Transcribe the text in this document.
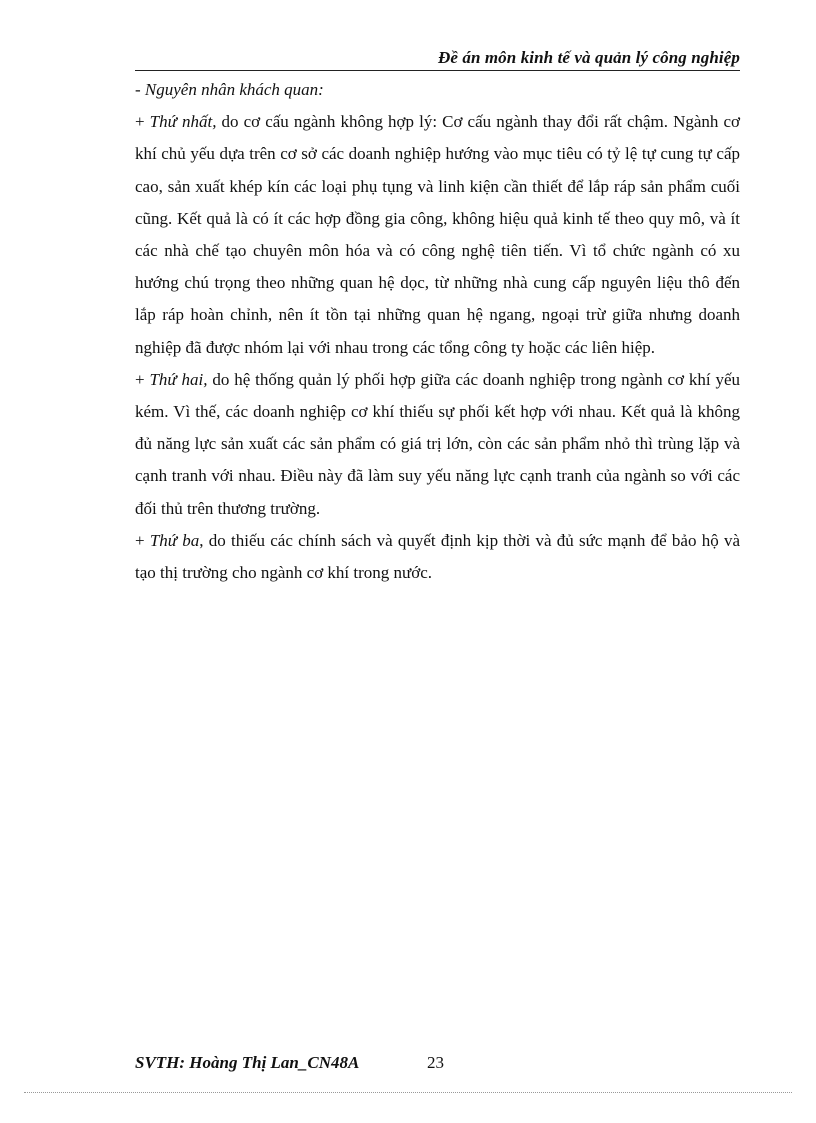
Đề án môn kinh tế và quản lý công nghiệp

- Nguyên nhân khách quan:

+ Thứ nhất, do cơ cấu ngành không hợp lý: Cơ cấu ngành thay đổi rất chậm. Ngành cơ khí chủ yếu dựa trên cơ sở các doanh nghiệp hướng vào mục tiêu có tỷ lệ tự cung tự cấp cao, sản xuất khép kín các loại phụ tụng và linh kiện cần thiết để lắp ráp sản phẩm cuối cũng. Kết quả là có ít các hợp đồng gia công, không hiệu quả kinh tế theo quy mô, và ít các nhà chế tạo chuyên môn hóa và có công nghệ tiên tiến. Vì tổ chức ngành có xu hướng chú trọng theo những quan hệ dọc, từ những nhà cung cấp nguyên liệu thô đến lắp ráp hoàn chỉnh, nên ít tồn tại những quan hệ ngang, ngoại trừ giữa nhưng doanh nghiệp đã được nhóm lại với nhau trong các tổng công ty hoặc các liên hiệp.

+ Thứ hai, do hệ thống quản lý phối hợp giữa các doanh nghiệp trong ngành cơ khí yếu kém. Vì thế, các doanh nghiệp cơ khí thiếu sự phối kết hợp với nhau. Kết quả là không đủ năng lực sản xuất các sản phẩm có giá trị lớn, còn các sản phẩm nhỏ thì trùng lặp và cạnh tranh với nhau. Điều này đã làm suy yếu năng lực cạnh tranh của ngành so với các đối thủ trên thương trường.

+ Thứ ba, do thiếu các chính sách và quyết định kịp thời và đủ sức mạnh để bảo hộ và tạo thị trường cho ngành cơ khí trong nước.

SVTH: Hoàng Thị Lan_CN48A	23
